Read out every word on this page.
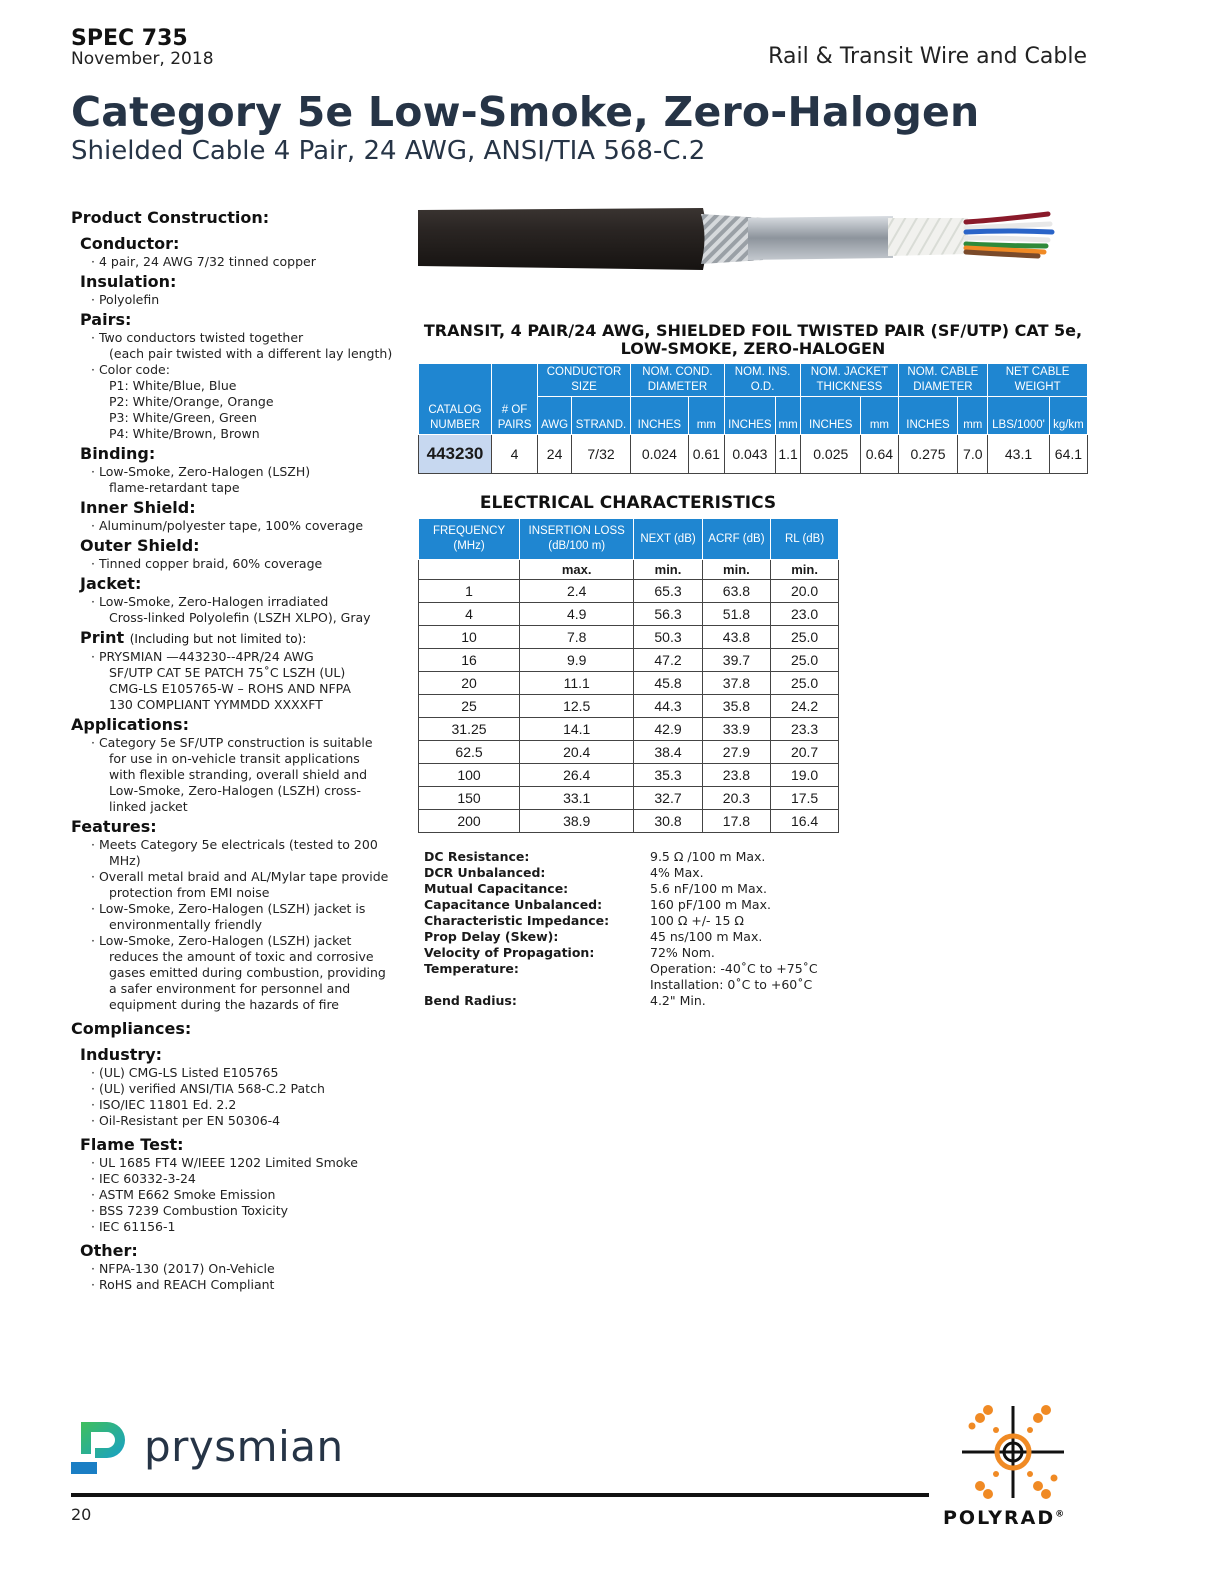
SPEC 735
November, 2018	Rail & Transit Wire and Cable
Category 5e Low-Smoke, Zero-Halogen
Shielded Cable 4 Pair, 24 AWG, ANSI/TIA 568-C.2

Product Construction:

Conductor:

· 4 pair, 24 AWG 7/32 tinned copper

Insulation:

· Polyolefin

Pairs:

· Two conductors twisted together
(each pair twisted with a different lay length)
· Color code:
P1: White/Blue, Blue
P2: White/Orange, Orange
P3: White/Green, Green
P4: White/Brown, Brown

Binding:

· Low-Smoke, Zero-Halogen (LSZH)
flame-retardant tape

Inner Shield:

· Aluminum/polyester tape, 100% coverage

Outer Shield:

· Tinned copper braid, 60% coverage

Jacket:

· Low-Smoke, Zero-Halogen irradiated
Cross-linked Polyolefin (LSZH XLPO), Gray

Print (Including but not limited to):

· PRYSMIAN —443230--4PR/24 AWG
SF/UTP CAT 5E PATCH 75˚C LSZH (UL)
CMG-LS E105765-W – ROHS AND NFPA
130 COMPLIANT YYMMDD XXXXFT

Applications:

· Category 5e SF/UTP construction is suitable
for use in on-vehicle transit applications
with flexible stranding, overall shield and
Low-Smoke, Zero-Halogen (LSZH) cross-
linked jacket

Features:

· Meets Category 5e electricals (tested to 200
MHz)
· Overall metal braid and AL/Mylar tape provide
protection from EMI noise
· Low-Smoke, Zero-Halogen (LSZH) jacket is
environmentally friendly
· Low-Smoke, Zero-Halogen (LSZH) jacket
reduces the amount of toxic and corrosive
gases emitted during combustion, providing
a safer environment for personnel and
equipment during the hazards of fire

Compliances:

Industry:

· (UL) CMG-LS Listed E105765
· (UL) verified ANSI/TIA 568-C.2 Patch
· ISO/IEC 11801 Ed. 2.2
· Oil-Resistant per EN 50306-4

Flame Test:

· UL 1685 FT4 W/IEEE 1202 Limited Smoke
· IEC 60332-3-24
· ASTM E662 Smoke Emission
· BSS 7239 Combustion Toxicity
· IEC 61156-1

Other:

· NFPA-130 (2017) On-Vehicle
· RoHS and REACH Compliant
TRANSIT, 4 PAIR/24 AWG, SHIELDED FOIL TWISTED PAIR (SF/UTP) CAT 5e,
LOW-SMOKE, ZERO-HALOGEN
CATALOG NUMBER	# OF PAIRS	CONDUCTOR SIZE		NOM. COND. DIAMETER		NOM. INS. O.D.		NOM. JACKET THICKNESS		NOM. CABLE DIAMETER		NET CABLE WEIGHT	
		AWG	STRAND.	INCHES	mm	INCHES	mm	INCHES	mm	INCHES	mm	LBS/1000'	kg/km
443230	4	24	7/32	0.024	0.61	0.043	1.1	0.025	0.64	0.275	7.0	43.1	64.1
ELECTRICAL CHARACTERISTICS
FREQUENCY (MHz)	INSERTION LOSS (dB/100 m)	NEXT (dB)	ACRF (dB)	RL (dB)
	max.	min.	min.	min.
1	2.4	65.3	63.8	20.0
4	4.9	56.3	51.8	23.0
10	7.8	50.3	43.8	25.0
16	9.9	47.2	39.7	25.0
20	11.1	45.8	37.8	25.0
25	12.5	44.3	35.8	24.2
31.25	14.1	42.9	33.9	23.3
62.5	20.4	38.4	27.9	20.7
100	26.4	35.3	23.8	19.0
150	33.1	32.7	20.3	17.5
200	38.9	30.8	17.8	16.4
DC Resistance:	9.5 Ω /100 m Max.
DCR Unbalanced:	4% Max.
Mutual Capacitance:	5.6 nF/100 m Max.
Capacitance Unbalanced:	160 pF/100 m Max.
Characteristic Impedance:	100 Ω +/- 15 Ω
Prop Delay (Skew):	45 ns/100 m Max.
Velocity of Propagation:	72% Nom.
Temperature:	Operation: -40˚C to +75˚C
Installation: 0˚C to +60˚C
Bend Radius:	4.2" Min.
prysmian
20	POLYRAD®
